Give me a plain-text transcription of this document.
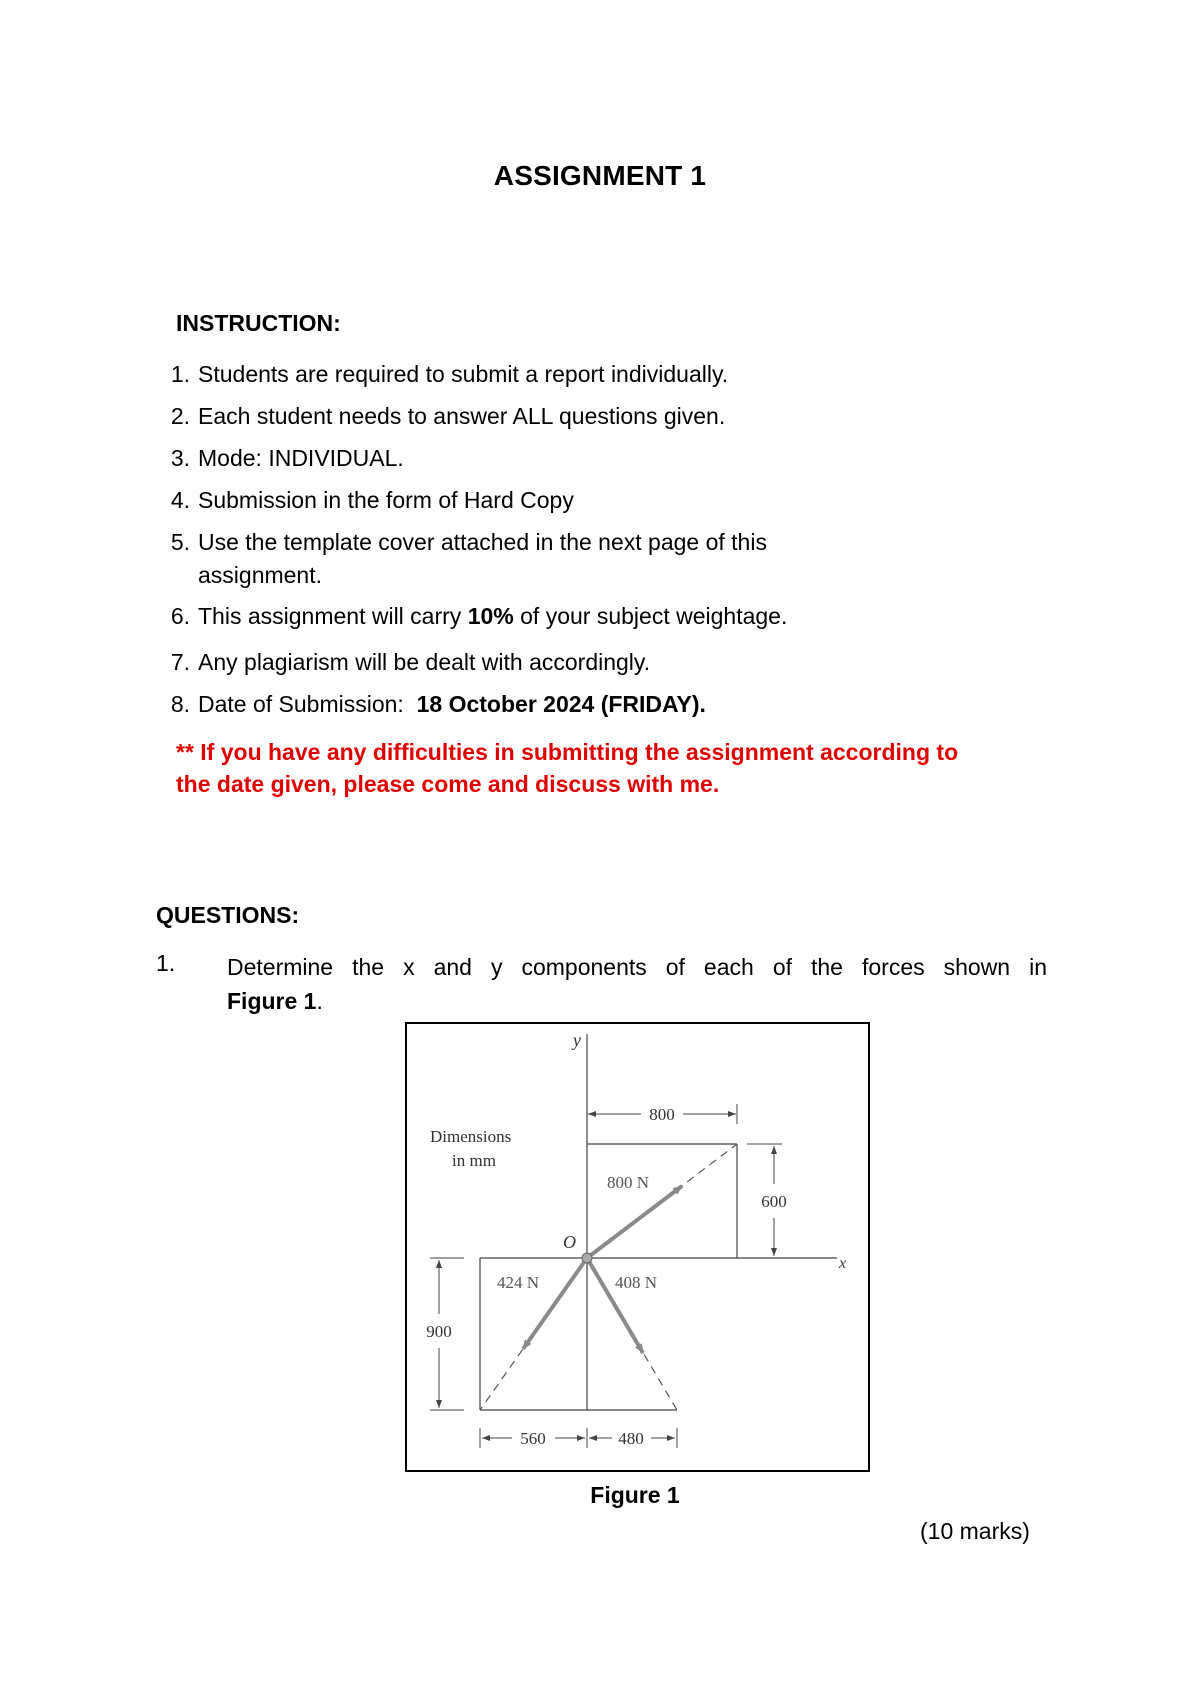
ASSIGNMENT 1
INSTRUCTION:
1. Students are required to submit a report individually.
2. Each student needs to answer ALL questions given.
3. Mode: INDIVIDUAL.
4. Submission in the form of Hard Copy
5. Use the template cover attached in the next page of this
assignment.
6. This assignment will carry 10% of your subject weightage.
7. Any plagiarism will be dealt with accordingly.
8. Date of Submission:  18 October 2024 (FRIDAY).
** If you have any difficulties in submitting the assignment according to the date given, please come and discuss with me.
QUESTIONS:
1. Determine the x and y components of each of the forces shown in
Figure 1.
y
x
800
600
900
560	480
Dimensions
in mm
O
800 N
424 N	408 N
Figure 1
(10 marks)
